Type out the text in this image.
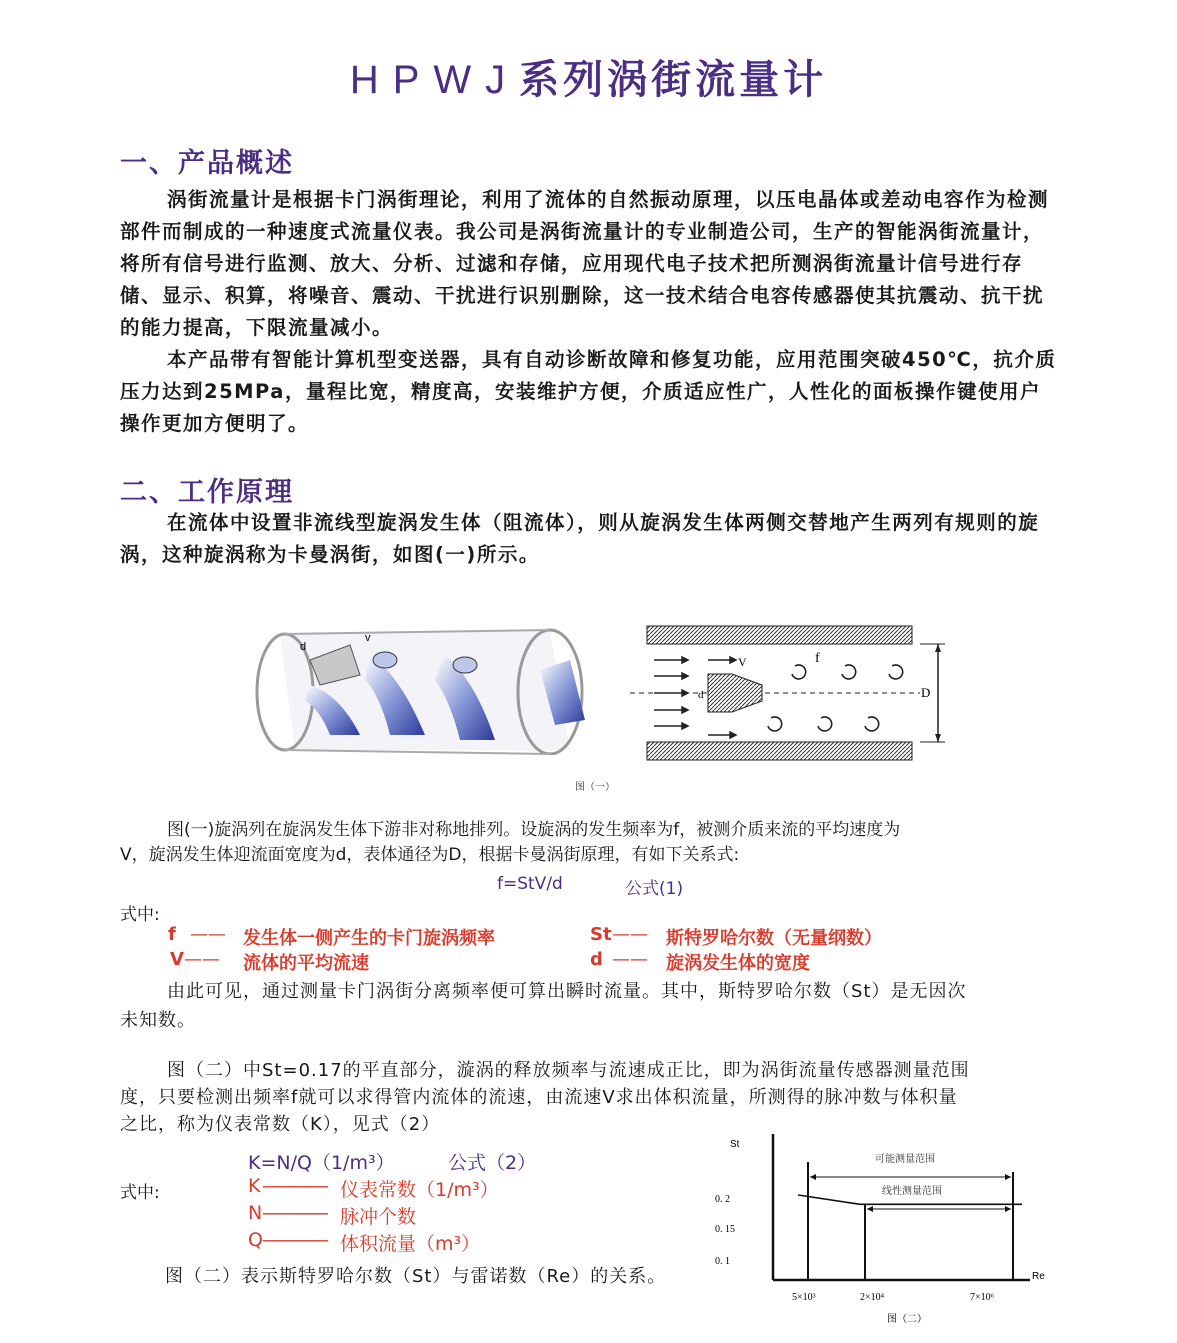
HPWJ系列涡街流量计
一、产品概述

涡街流量计是根据卡门涡街理论，利用了流体的自然振动原理，以压电晶体或差动电容作为检测部件而制成的一种速度式流量仪表。我公司是涡街流量计的专业制造公司，生产的智能涡街流量计，将所有信号进行监测、放大、分析、过滤和存储，应用现代电子技术把所测涡街流量计信号进行存储、显示、积算，将噪音、震动、干扰进行识别删除，这一技术结合电容传感器使其抗震动、抗干扰的能力提高，下限流量减小。

本产品带有智能计算机型变送器，具有自动诊断故障和修复功能，应用范围突破450℃，抗介质压力达到25MPa，量程比宽，精度高，安装维护方便，介质适应性广，人性化的面板操作键使用户操作更加方便明了。

二、工作原理

在流体中设置非流线型旋涡发生体（阻流体），则从旋涡发生体两侧交替地产生两列有规则的旋涡，这种旋涡称为卡曼涡街，如图(一)所示。

d
v
V	f
d	D
图（一）
图(一)旋涡列在旋涡发生体下游非对称地排列。设旋涡的发生频率为f，被测介质来流的平均速度为
V，旋涡发生体迎流面宽度为d，表体通径为D，根据卡曼涡街原理，有如下关系式:
f=StV/d	公式(1)
式中:
f —— 发生体一侧产生的卡门旋涡频率	St —— 斯特罗哈尔数（无量纲数）
V —— 流体的平均流速	d —— 旋涡发生体的宽度
由此可见，通过测量卡门涡街分离频率便可算出瞬时流量。其中，斯特罗哈尔数（St）是无因次
未知数。
图（二）中St=0.17的平直部分，漩涡的释放频率与流速成正比，即为涡街流量传感器测量范围
度，只要检测出频率f就可以求得管内流体的流速，由流速V求出体积流量，所测得的脉冲数与体积量
之比，称为仪表常数（K），见式（2）
K=N/Q（1/m³）	公式（2）
式中:	K ———— 仪表常数（1/m³）
N ———— 脉冲个数
Q ———— 体积流量（m³）
图（二）表示斯特罗哈尔数（St）与雷诺数（Re）的关系。
St
Re
0. 2
0. 15
0. 1
5×10³	2×10⁴	7×10⁶
可能测量范围
线性测量范围
图（二）
